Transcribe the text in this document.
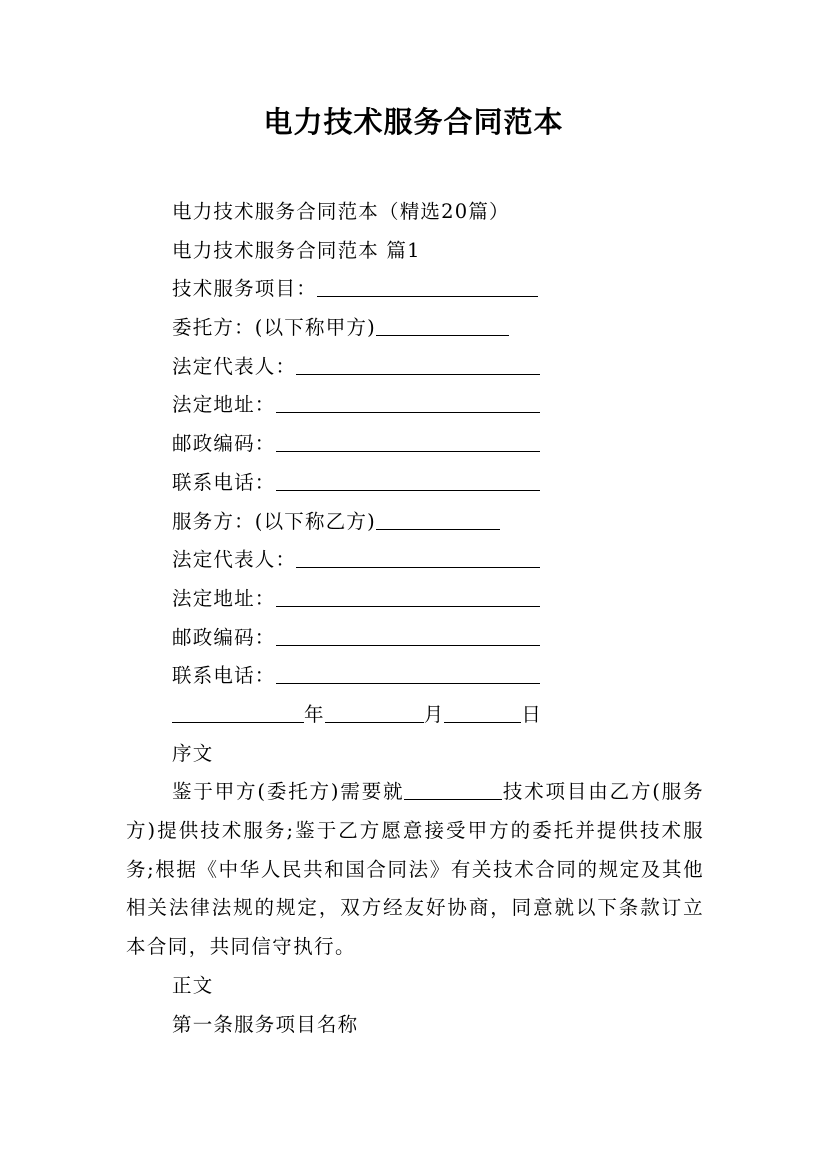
电力技术服务合同范本
电力技术服务合同范本（精选20篇）
电力技术服务合同范本 篇1
技术服务项目：
委托方：(以下称甲方)
法定代表人：
法定地址：
邮政编码：
联系电话：
服务方：(以下称乙方)
法定代表人：
法定地址：
邮政编码：
联系电话：
年	月	日
序文
鉴于甲方(委托方)需要就	技术项目由乙方(服务方)提供技术服务;鉴于乙方愿意接受甲方的委托并提供技术服务;根据《中华人民共和国合同法》有关技术合同的规定及其他相关法律法规的规定，双方经友好协商，同意就以下条款订立本合同，共同信守执行。
正文
第一条服务项目名称
